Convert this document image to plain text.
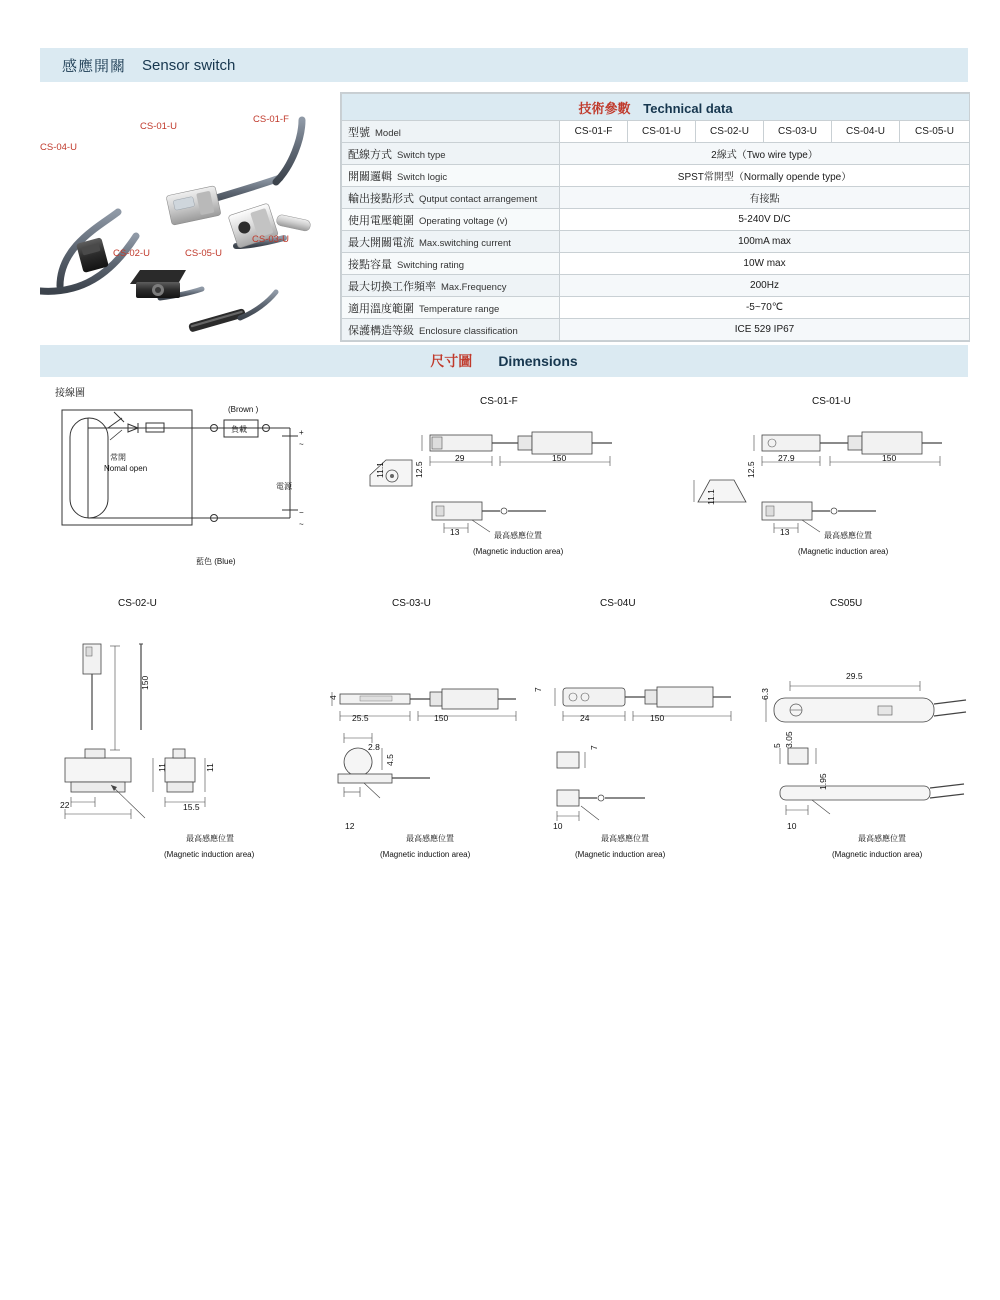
感應開關	Sensor switch
CS-01-U
CS-01-F
CS-04-U
CS-03-U
CS-02-U	CS-05-U
技術參數 Technical data						
型號 Model	CS-01-F	CS-01-U	CS-02-U	CS-03-U	CS-04-U	CS-05-U
配線方式 Switch type	2線式（Two wire type）					
開關邏輯 Switch logic	SPST常開型（Normally opende type）					
輸出接點形式 Qutput contact arrangement	有接點					
使用電壓範圍 Operating voltage (v)	5-240V D/C					
最大開關電流 Max.switching current	100mA max					
接點容量 Switching rating	10W max					
最大切換工作頻率 Max.Frequency	200Hz					
適用溫度範圍 Temperature range	-5~70℃					
保護構造等級 Enclosure classification	ICE 529 IP67					
尺寸圖 Dimensions
接線圖
(Brown )
負載
常開
Nomal open
電源
+
~
−
~
藍色 (Blue)
CS-01-F
11.1	12.5
29	150
13	最高感應位置
(Magnetic induction area)
CS-01-U
12.5
27.9	150
11.1
13	最高感應位置
(Magnetic induction area)
CS-02-U	CS-03-U	CS-04U	CS05U
150
11
11
15.5
22
最高感應位置
(Magnetic induction area)
4
25.5	150
2.8
4.5
12
最高感應位置
(Magnetic induction area)
7
24	150
7
10
最高感應位置
(Magnetic induction area)
29.5
6.3
5 3.05
1.95
10
最高感應位置
(Magnetic induction area)
